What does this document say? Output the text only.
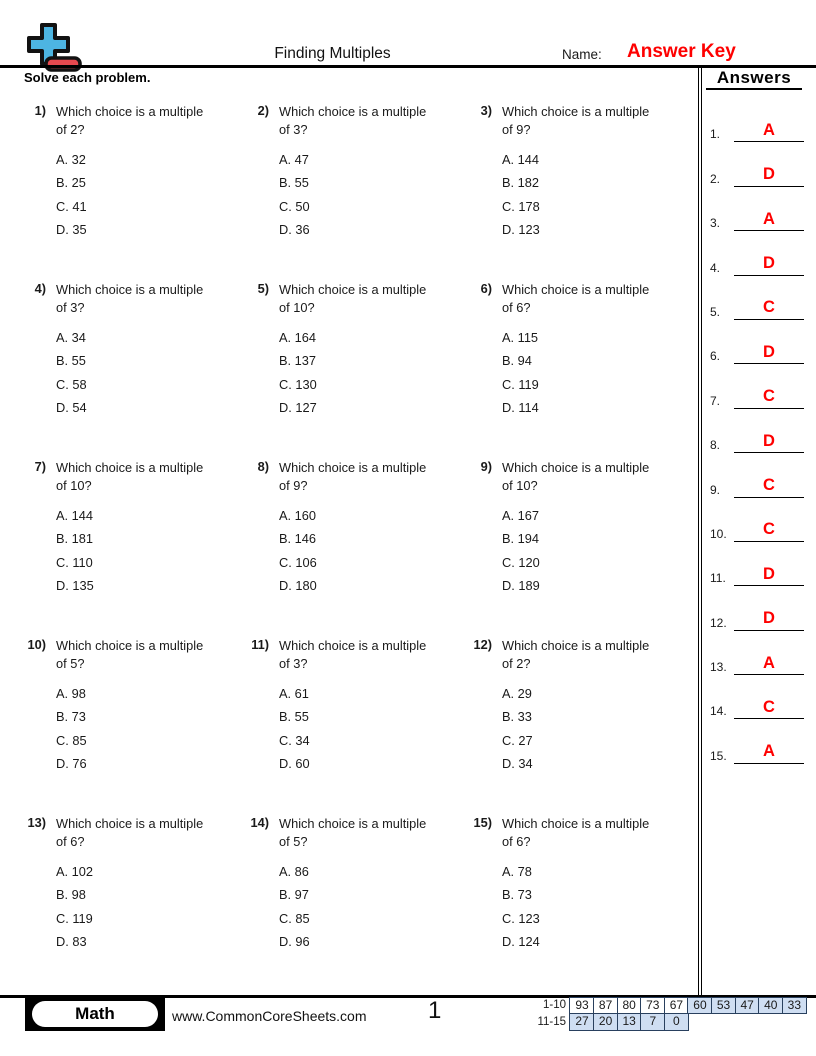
Finding Multiples	Name: Answer Key
Solve each problem.
1) Which choice is a multiple
of 2?
A. 32
B. 25
C. 41
D. 35
2) Which choice is a multiple
of 3?
A. 47
B. 55
C. 50
D. 36
3) Which choice is a multiple
of 9?
A. 144
B. 182
C. 178
D. 123
4) Which choice is a multiple
of 3?
A. 34
B. 55
C. 58
D. 54
5) Which choice is a multiple
of 10?
A. 164
B. 137
C. 130
D. 127
6) Which choice is a multiple
of 6?
A. 115
B. 94
C. 119
D. 114
7) Which choice is a multiple
of 10?
A. 144
B. 181
C. 110
D. 135
8) Which choice is a multiple
of 9?
A. 160
B. 146
C. 106
D. 180
9) Which choice is a multiple
of 10?
A. 167
B. 194
C. 120
D. 189
10) Which choice is a multiple
of 5?
A. 98
B. 73
C. 85
D. 76
11) Which choice is a multiple
of 3?
A. 61
B. 55
C. 34
D. 60
12) Which choice is a multiple
of 2?
A. 29
B. 33
C. 27
D. 34
13) Which choice is a multiple
of 6?
A. 102
B. 98
C. 119
D. 83
14) Which choice is a multiple
of 5?
A. 86
B. 97
C. 85
D. 96
15) Which choice is a multiple
of 6?
A. 78
B. 73
C. 123
D. 124
Answers
1.	A
2.	D
3.	A
4.	D
5.	C
6.	D
7.	C
8.	D
9.	C
10.	C
11.	D
12.	D
13.	A
14.	C
15.	A
Math	www.CommonCoreSheets.com	1	1-10 93 87 80 73 67 60 53 47 40 33
11-15 27 20 13	7	0
